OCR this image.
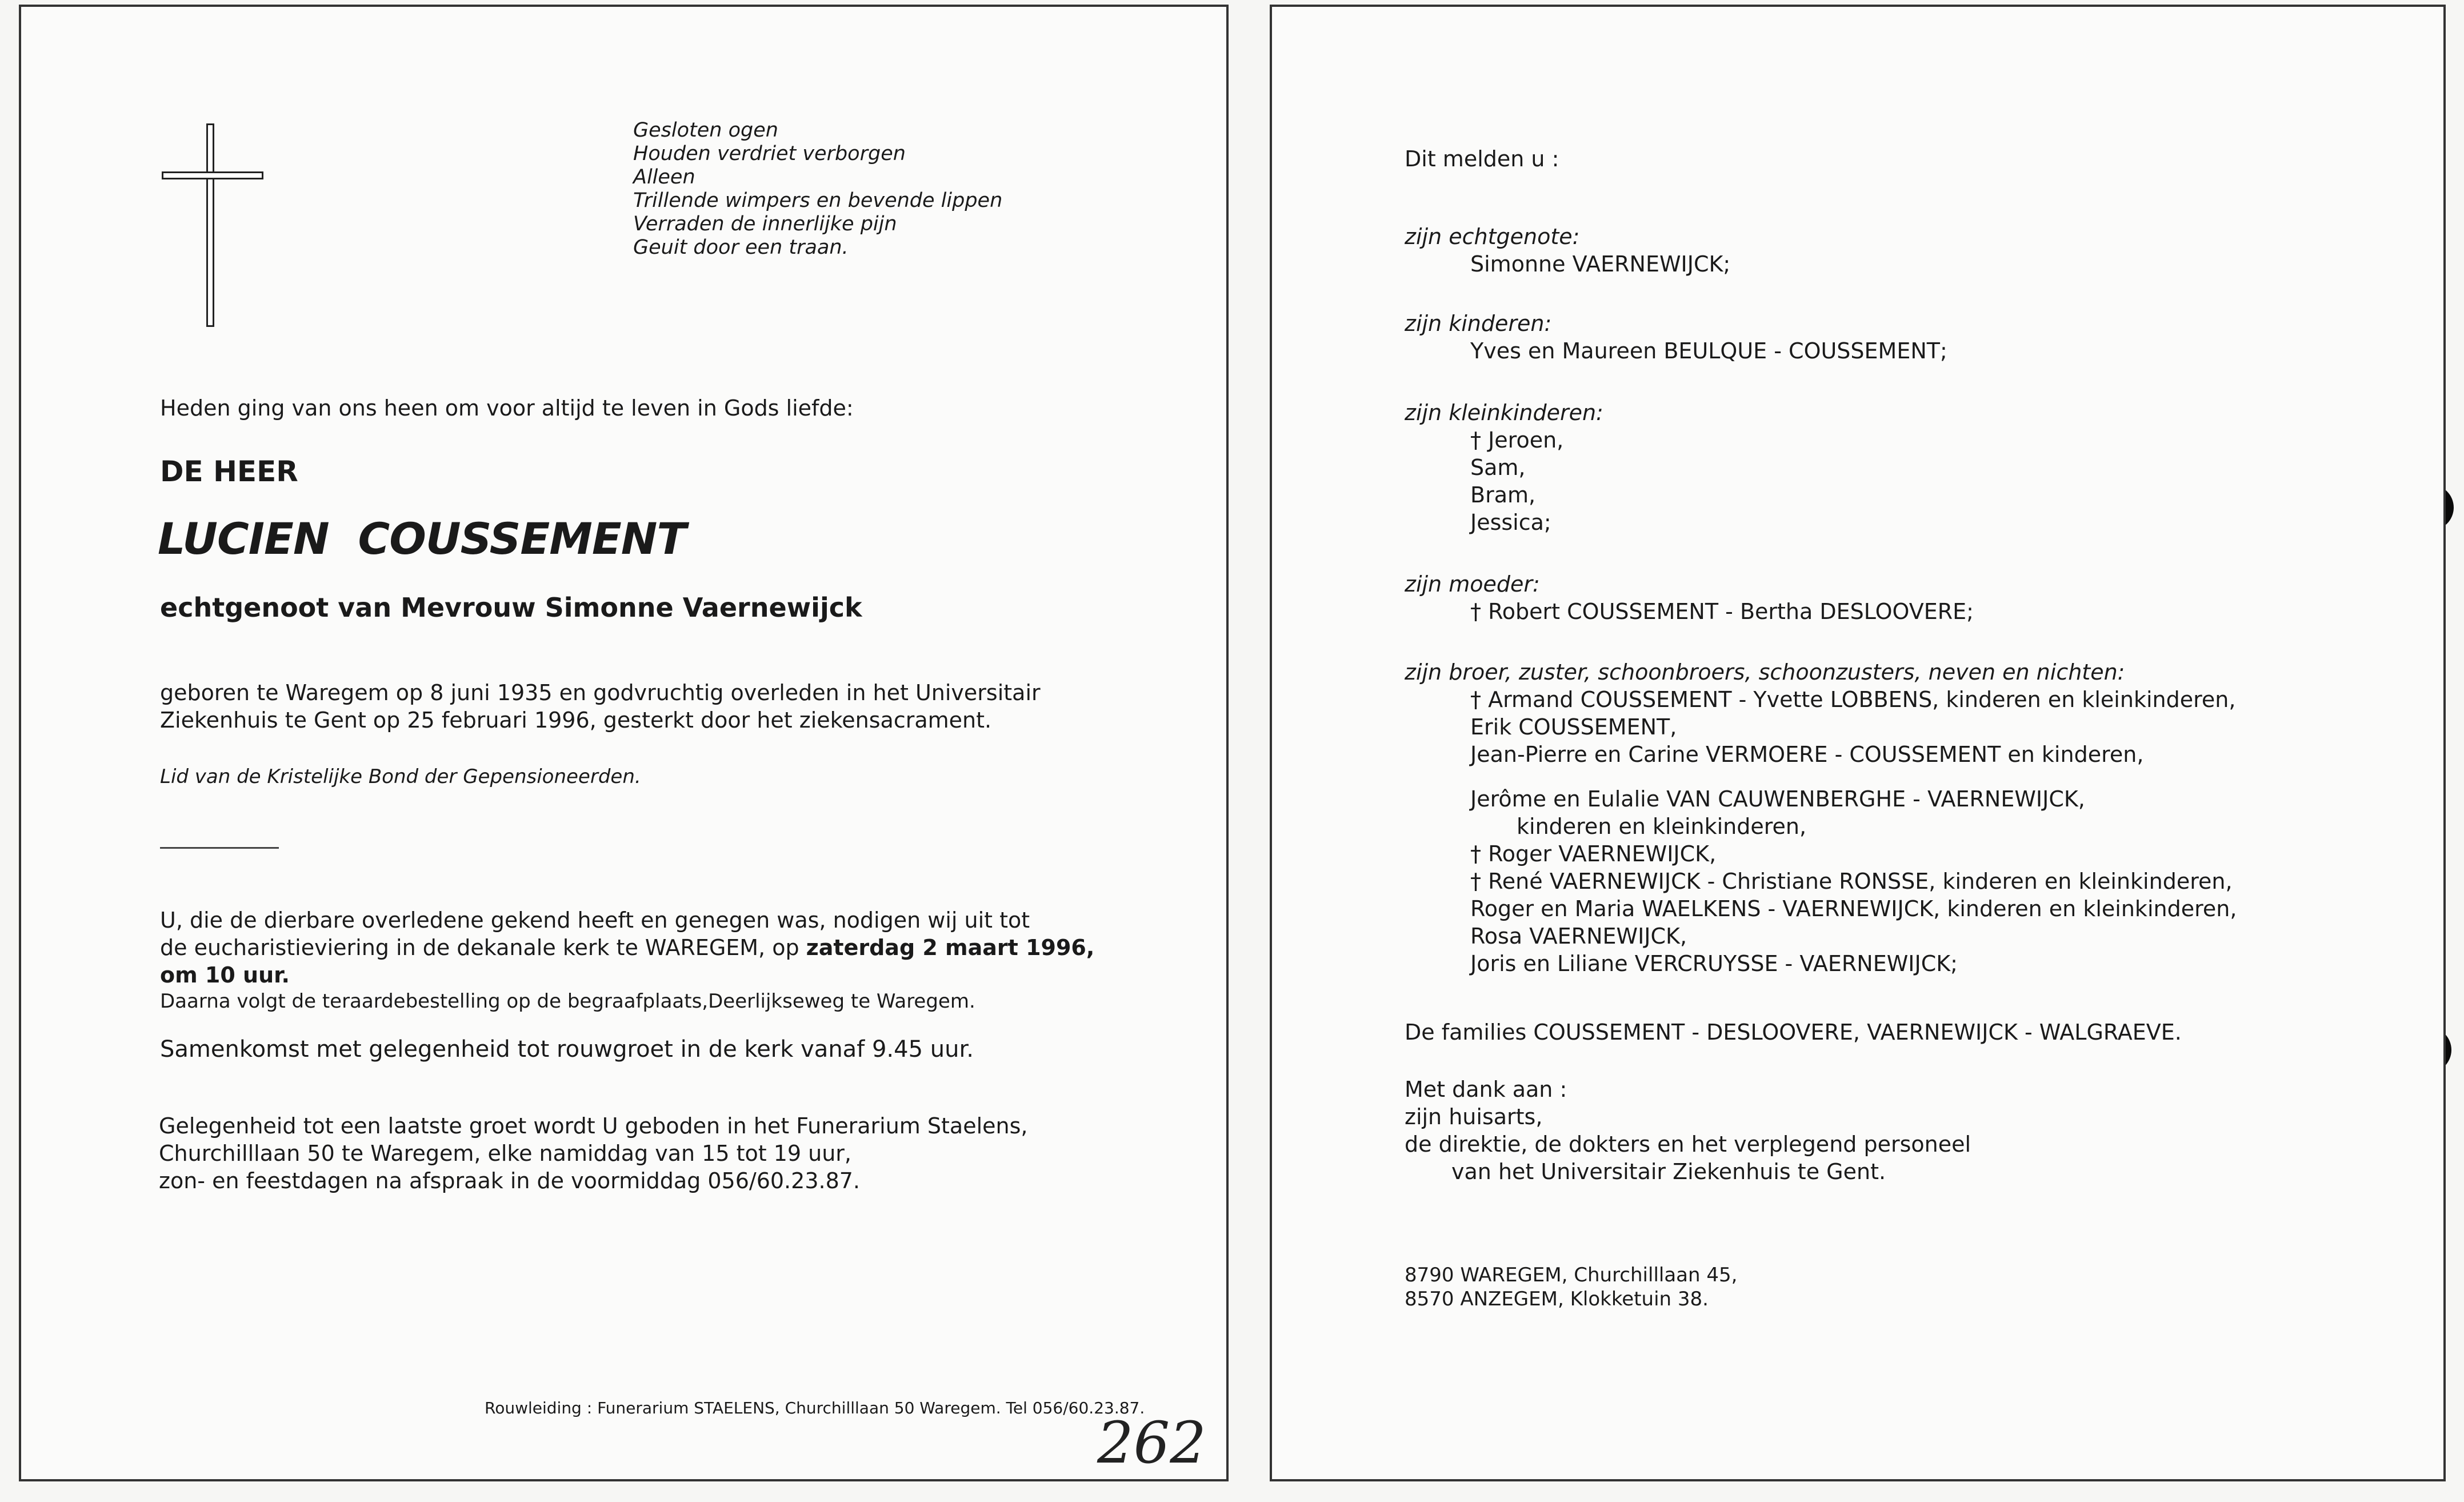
Gesloten ogen
Houden verdriet verborgen
Alleen
Trillende wimpers en bevende lippen
Verraden de innerlijke pijn
Geuit door een traan.
Heden ging van ons heen om voor altijd te leven in Gods liefde:
DE HEER
LUCIEN  COUSSEMENT
echtgenoot van Mevrouw Simonne Vaernewijck
geboren te Waregem op 8 juni 1935 en godvruchtig overleden in het Universitair
Ziekenhuis te Gent op 25 februari 1996, gesterkt door het ziekensacrament.
Lid van de Kristelijke Bond der Gepensioneerden.
U, die de dierbare overledene gekend heeft en genegen was, nodigen wij uit tot
de eucharistieviering in de dekanale kerk te WAREGEM, op zaterdag 2 maart 1996,
om 10 uur.
Daarna volgt de teraardebestelling op de begraafplaats,Deerlijkseweg te Waregem.
Samenkomst met gelegenheid tot rouwgroet in de kerk vanaf 9.45 uur.
Gelegenheid tot een laatste groet wordt U geboden in het Funerarium Staelens,
Churchilllaan 50 te Waregem, elke namiddag van 15 tot 19 uur,
zon- en feestdagen na afspraak in de voormiddag 056/60.23.87.
Rouwleiding : Funerarium STAELENS, Churchilllaan 50 Waregem. Tel 056/60.23.87.
262
Dit melden u :
zijn echtgenote:
Simonne VAERNEWIJCK;
zijn kinderen:
Yves en Maureen BEULQUE - COUSSEMENT;
zijn kleinkinderen:
† Jeroen,
Sam,
Bram,
Jessica;
zijn moeder:
† Robert COUSSEMENT - Bertha DESLOOVERE;
zijn broer, zuster, schoonbroers, schoonzusters, neven en nichten:
† Armand COUSSEMENT - Yvette LOBBENS, kinderen en kleinkinderen,
Erik COUSSEMENT,
Jean-Pierre en Carine VERMOERE - COUSSEMENT en kinderen,
Jerôme en Eulalie VAN CAUWENBERGHE - VAERNEWIJCK,
kinderen en kleinkinderen,
† Roger VAERNEWIJCK,
† René VAERNEWIJCK - Christiane RONSSE, kinderen en kleinkinderen,
Roger en Maria WAELKENS - VAERNEWIJCK, kinderen en kleinkinderen,
Rosa VAERNEWIJCK,
Joris en Liliane VERCRUYSSE - VAERNEWIJCK;
De families COUSSEMENT - DESLOOVERE, VAERNEWIJCK - WALGRAEVE.
Met dank aan :
zijn huisarts,
de direktie, de dokters en het verplegend personeel
van het Universitair Ziekenhuis te Gent.
8790 WAREGEM, Churchilllaan 45,
8570 ANZEGEM, Klokketuin 38.
